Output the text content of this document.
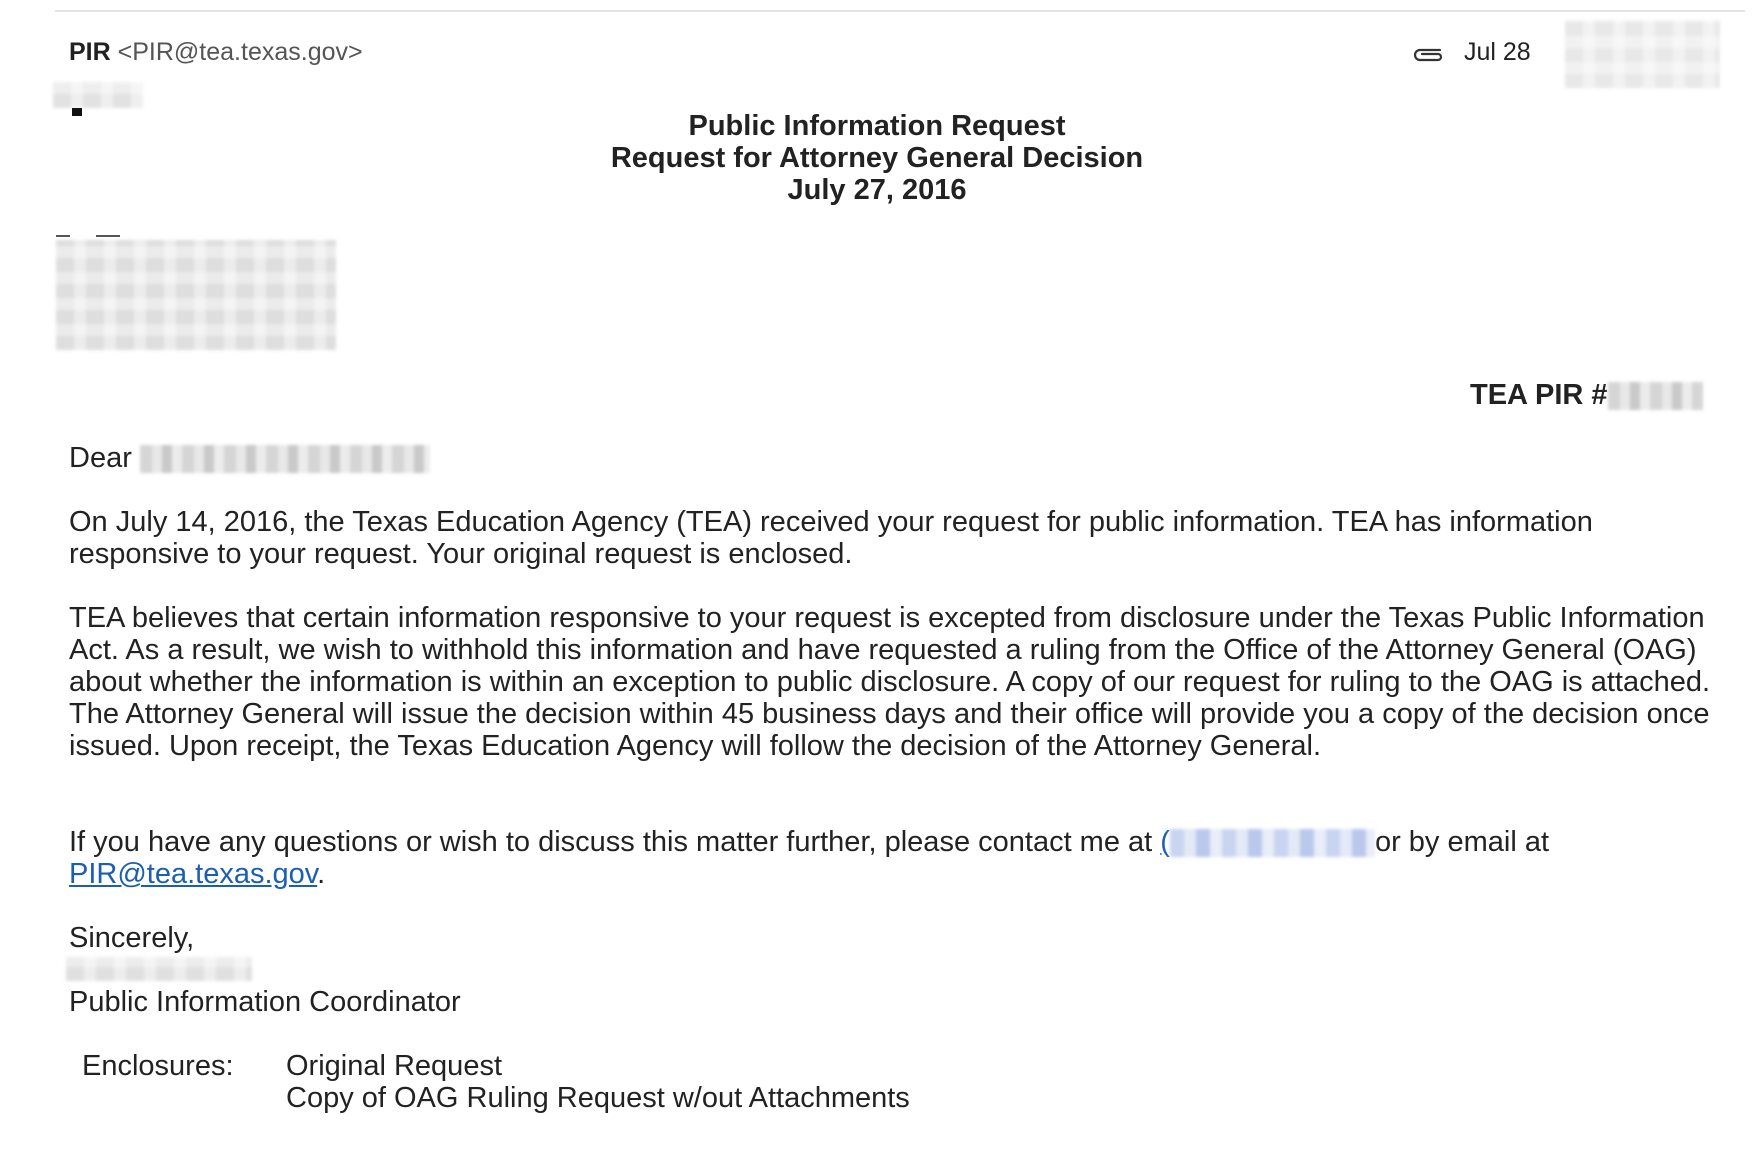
PIR <PIR@tea.texas.gov>	Jul 28
Public Information Request
Request for Attorney General Decision
July 27, 2016
TEA PIR #

Dear

On July 14, 2016, the Texas Education Agency (TEA) received your request for public information. TEA has information responsive to your request. Your original request is enclosed.

TEA believes that certain information responsive to your request is excepted from disclosure under the Texas Public Information Act. As a result, we wish to withhold this information and have requested a ruling from the Office of the Attorney General (OAG) about whether the information is within an exception to public disclosure. A copy of our request for ruling to the OAG is attached. The Attorney General will issue the decision within 45 business days and their office will provide you a copy of the decision once issued. Upon receipt, the Texas Education Agency will follow the decision of the Attorney General.

If you have any questions or wish to discuss this matter further, please contact me at (	or by email at
PIR@tea.texas.gov.

Sincerely,
Public Information Coordinator
Enclosures:	Original Request
Copy of OAG Ruling Request w/out Attachments
